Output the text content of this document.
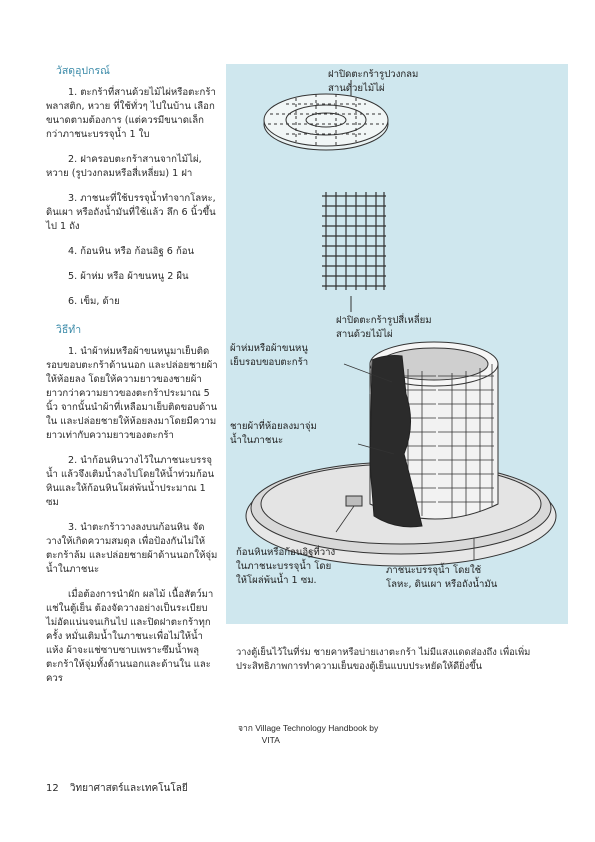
วัสดุอุปกรณ์

1. ตะกร้าที่สานด้วยไม้ไผ่หรือตะกร้าพลาสติก, หวาย ที่ใช้ทั่วๆ ไปในบ้าน เลือกขนาดตามต้องการ (แต่ควรมีขนาดเล็กกว่าภาชนะบรรจุน้ำ 1 ใบ

2. ฝาครอบตะกร้าสานจากไม้ไผ่, หวาย (รูปวงกลมหรือสี่เหลี่ยม) 1 ฝา

3. ภาชนะที่ใช้บรรจุน้ำทำจากโลหะ, ดินเผา หรือถังน้ำมันที่ใช้แล้ว ลึก 6 นิ้วขึ้นไป 1 ถัง

4. ก้อนหิน หรือ ก้อนอิฐ 6 ก้อน

5. ผ้าห่ม หรือ ผ้าขนหนู 2 ผืน

6. เข็ม, ด้าย

วิธีทำ

1. นำผ้าห่มหรือผ้าขนหนูมาเย็บติดรอบขอบตะกร้าด้านนอก และปล่อยชายผ้าให้ห้อยลง โดยให้ความยาวของชายผ้ายาวกว่าความยาวของตะกร้าประมาณ 5 นิ้ว จากนั้นนำผ้าที่เหลือมาเย็บติดขอบด้านใน และปล่อยชายให้ห้อยลงมาโดยมีความยาวเท่ากับความยาวของตะกร้า

2. นำก้อนหินวางไว้ในภาชนะบรรจุน้ำ แล้วจึงเติมน้ำลงไปโดยให้น้ำท่วมก้อนหินและให้ก้อนหินโผล่พ้นน้ำประมาณ 1 ซม

3. นำตะกร้าวางลงบนก้อนหิน จัดวางให้เกิดความสมดุล เพื่อป้องกันไม่ให้ตะกร้าล้ม และปล่อยชายผ้าด้านนอกให้จุ่มน้ำในภาชนะ

เมื่อต้องการนำผัก ผลไม้ เนื้อสัตว์มาแช่ในตู้เย็น ต้องจัดวางอย่างเป็นระเบียบ ไม่อัดแน่นจนเกินไป และปิดฝาตะกร้าทุกครั้ง หมั่นเติมน้ำในภาชนะเพื่อไม่ให้น้ำแห้ง ผ้าจะแช่ซาบซาบเพราะซึมน้ำพลุ ตะกร้าให้จุ่มทั้งด้านนอกและด้านใน และควร

ฝาปิดตะกร้ารูปวงกลม
สานด้วยไม้ไผ่
ฝาปิดตะกร้ารูปสี่เหลี่ยม
สานด้วยไม้ไผ่
ผ้าห่มหรือผ้าขนหนู
เย็บรอบขอบตะกร้า
ชายผ้าที่ห้อยลงมาจุ่ม
น้ำในภาชนะ
ก้อนหินหรือก้อนอิฐที่วาง
ในภาชนะบรรจุน้ำ โดย
ให้โผล่พ้นน้ำ 1 ซม.
ภาชนะบรรจุน้ำ โดยใช้
โลหะ, ดินเผา หรือถังน้ำมัน
วางตู้เย็นไว้ในที่ร่ม ชายคาหรือบ่ายเงาตะกร้า ไม่มีแสงแดดส่องถึง เพื่อเพิ่มประสิทธิภาพการทำความเย็นของตู้เย็นแบบประหยัดให้ดียิ่งขึ้น
จาก Village Technology Handbook by
VITA
12 วิทยาศาสตร์และเทคโนโลยี
